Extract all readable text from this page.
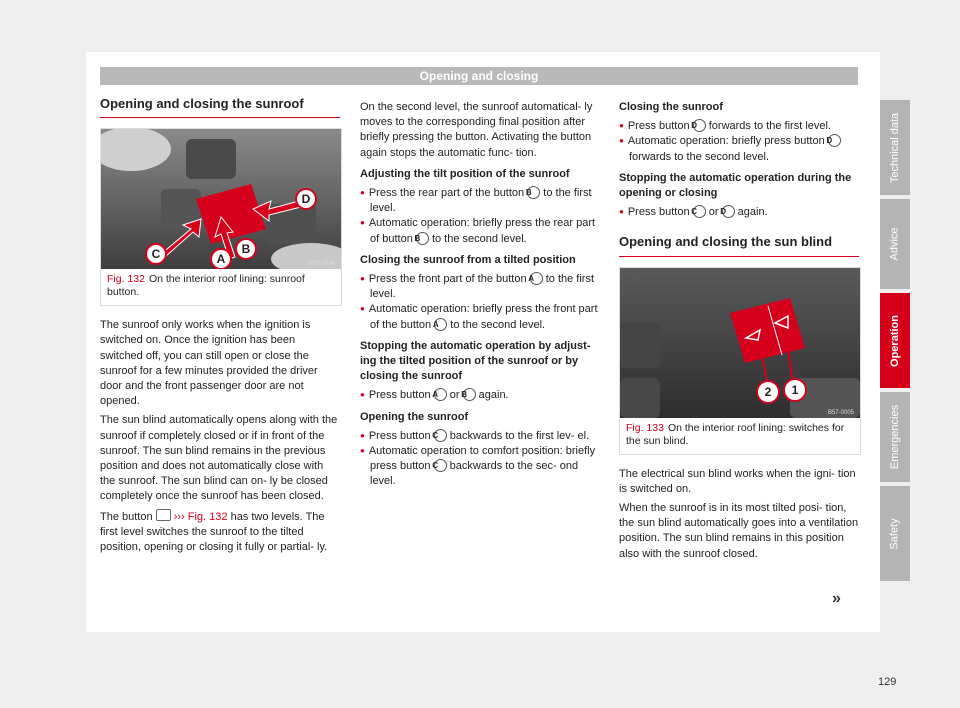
Opening and closing
Opening and closing the sunroof
D
C	A
B
B57-0004
Fig. 132 On the interior roof lining: sunroof button.

The sunroof only works when the ignition is switched on. Once the ignition has been switched off, you can still open or close the sunroof for a few minutes provided the driver door and the front passenger door are not opened.

The sun blind automatically opens along with the sunroof if completely closed or if in front of the sunroof. The sun blind remains in the previous position and does not automatically close with the sunroof. The sun blind can on- ly be closed completely once the sunroof has been closed.

The button ››› Fig. 132 has two levels. The first level switches the sunroof to the tilted position, opening or closing it fully or partial- ly.

On the second level, the sunroof automatical- ly moves to the corresponding final position after briefly pressing the button. Activating the button again stops the automatic func- tion.

Adjusting the tilt position of the sunroof

● Press the rear part of the button B to the first level.

● Automatic operation: briefly press the rear part of button B to the second level.

Closing the sunroof from a tilted position

● Press the front part of the button A to the first level.

● Automatic operation: briefly press the front part of the button A to the second level.

Stopping the automatic operation by adjust- ing the tilted position of the sunroof or by closing the sunroof

● Press button A or B again.

Opening the sunroof

● Press button C backwards to the first lev- el.

● Automatic operation to comfort position: briefly press button C backwards to the sec- ond level.

Closing the sunroof

● Press button D forwards to the first level.

● Automatic operation: briefly press button D forwards to the second level.

Stopping the automatic operation during the opening or closing

● Press button C or D again.

Opening and closing the sun blind
2 1
B57-0005
Fig. 133 On the interior roof lining: switches for the sun blind.

The electrical sun blind works when the igni- tion is switched on.

When the sunroof is in its most tilted posi- tion, the sun blind automatically goes into a ventilation position. The sun blind remains in this position also with the sunroof closed.

»
129
Technical data
Advice
Operation
Emergencies
Safety
